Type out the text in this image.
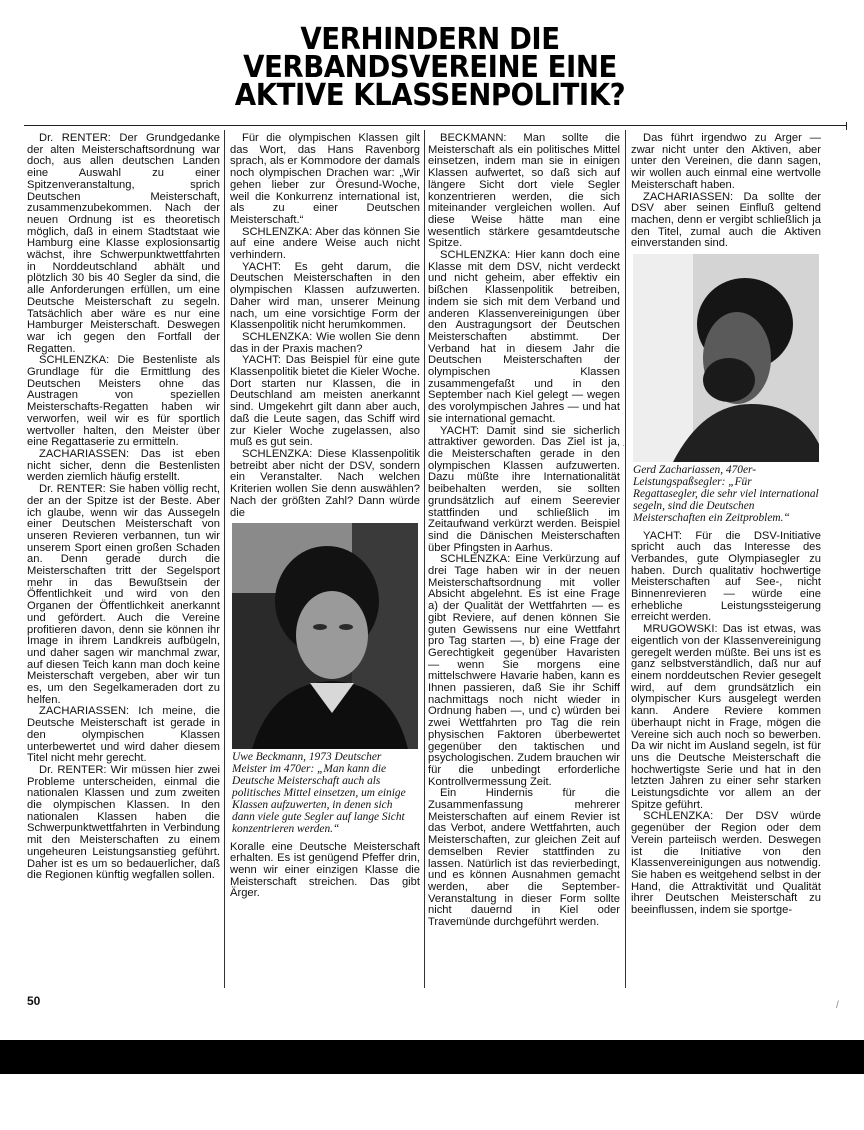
VERHINDERN DIE
VERBANDSVEREINE EINE
AKTIVE KLASSENPOLITIK?

Dr. RENTER: Der Grundgedanke der alten Meisterschaftsordnung war doch, aus allen deutschen Landen eine Auswahl zu einer Spitzenveranstaltung, sprich Deutschen Meisterschaft, zusammenzubekommen. Nach der neuen Ordnung ist es theoretisch möglich, daß in einem Stadtstaat wie Hamburg eine Klasse explosionsartig wächst, ihre Schwerpunktwettfahrten in Norddeutschland abhält und plötzlich 30 bis 40 Segler da sind, die alle Anforderungen erfüllen, um eine Deutsche Meisterschaft zu segeln. Tatsächlich aber wäre es nur eine Hamburger Meisterschaft. Deswegen war ich gegen den Fortfall der Regatten.

SCHLENZKA: Die Bestenliste als Grundlage für die Ermittlung des Deutschen Meisters ohne das Austragen von speziellen Meisterschafts-Regatten haben wir verworfen, weil wir es für sportlich wertvoller halten, den Meister über eine Regattaserie zu ermitteln.

ZACHARIASSEN: Das ist eben nicht sicher, denn die Bestenlisten werden ziemlich häufig erstellt.

Dr. RENTER: Sie haben völlig recht, der an der Spitze ist der Beste. Aber ich glaube, wenn wir das Aussegeln einer Deutschen Meisterschaft von unseren Revieren verbannen, tun wir unserem Sport einen großen Schaden an. Denn gerade durch die Meisterschaften tritt der Segelsport mehr in das Bewußtsein der Öffentlichkeit und wird von den Organen der Öffentlichkeit anerkannt und gefördert. Auch die Vereine profitieren davon, denn sie können ihr Image in ihrem Landkreis aufbügeln, und daher sagen wir manchmal zwar, auf diesen Teich kann man doch keine Meisterschaft vergeben, aber wir tun es, um den Segelkameraden dort zu helfen.

ZACHARIASSEN: Ich meine, die Deutsche Meisterschaft ist gerade in den olympischen Klassen unterbewertet und wird daher diesem Titel nicht mehr gerecht.

Dr. RENTER: Wir müssen hier zwei Probleme unterscheiden, einmal die nationalen Klassen und zum zweiten die olympischen Klassen. In den nationalen Klassen haben die Schwerpunktwettfahrten in Verbindung mit den Meisterschaften zu einem ungeheuren Leistungsanstieg geführt. Daher ist es um so bedauerlicher, daß die Regionen künftig wegfallen sollen.

Für die olympischen Klassen gilt das Wort, das Hans Ravenborg sprach, als er Kommodore der damals noch olympischen Drachen war: „Wir gehen lieber zur Öresund-Woche, weil die Konkurrenz international ist, als zu einer Deutschen Meisterschaft.“

SCHLENZKA: Aber das können Sie auf eine andere Weise auch nicht verhindern.

YACHT: Es geht darum, die Deutschen Meisterschaften in den olympischen Klassen aufzuwerten. Daher wird man, unserer Meinung nach, um eine vorsichtige Form der Klassenpolitik nicht herumkommen.

SCHLENZKA: Wie wollen Sie denn das in der Praxis machen?

YACHT: Das Beispiel für eine gute Klassenpolitik bietet die Kieler Woche. Dort starten nur Klassen, die in Deutschland am meisten anerkannt sind. Umgekehrt gilt dann aber auch, daß die Leute sagen, das Schiff wird zur Kieler Woche zugelassen, also muß es gut sein.

SCHLENZKA: Diese Klassenpolitik betreibt aber nicht der DSV, sondern ein Veranstalter. Nach welchen Kriterien wollen Sie denn auswählen? Nach der größten Zahl? Dann würde die

Uwe Beckmann, 1973 Deutscher Meister im 470er: „Man kann die Deutsche Meisterschaft auch als politisches Mittel einsetzen, um einige Klassen aufzuwerten, in denen sich dann viele gute Segler auf lange Sicht konzentrieren werden.“

Koralle eine Deutsche Meisterschaft erhalten. Es ist genügend Pfeffer drin, wenn wir einer einzigen Klasse die Meisterschaft streichen. Das gibt Ärger.

BECKMANN: Man sollte die Meisterschaft als ein politisches Mittel einsetzen, indem man sie in einigen Klassen aufwertet, so daß sich auf längere Sicht dort viele Segler konzentrieren werden, die sich miteinander vergleichen wollen. Auf diese Weise hätte man eine wesentlich stärkere gesamtdeutsche Spitze.

SCHLENZKA: Hier kann doch eine Klasse mit dem DSV, nicht verdeckt und nicht geheim, aber effektiv ein bißchen Klassenpolitik betreiben, indem sie sich mit dem Verband und anderen Klassenvereinigungen über den Austragungsort der Deutschen Meisterschaften abstimmt. Der Verband hat in diesem Jahr die Deutschen Meisterschaften der olympischen Klassen zusammengefaßt und in den September nach Kiel gelegt — wegen des vorolympischen Jahres — und hat sie international gemacht.

YACHT: Damit sind sie sicherlich attraktiver geworden. Das Ziel ist ja, die Meisterschaften gerade in den olympischen Klassen aufzuwerten. Dazu müßte ihre Internationalität beibehalten werden, sie sollten grundsätzlich auf einem Seerevier stattfinden und schließlich im Zeitaufwand verkürzt werden. Beispiel sind die Dänischen Meisterschaften über Pfingsten in Aarhus.

SCHLENZKA: Eine Verkürzung auf drei Tage haben wir in der neuen Meisterschaftsordnung mit voller Absicht abgelehnt. Es ist eine Frage a) der Qualität der Wettfahrten — es gibt Reviere, auf denen können Sie guten Gewissens nur eine Wettfahrt pro Tag starten —, b) eine Frage der Gerechtigkeit gegenüber Havaristen — wenn Sie morgens eine mittelschwere Havarie haben, kann es Ihnen passieren, daß Sie ihr Schiff nachmittags noch nicht wieder in Ordnung haben —, und c) würden bei zwei Wettfahrten pro Tag die rein physischen Faktoren überbewertet gegenüber den taktischen und psychologischen. Zudem brauchen wir für die unbedingt erforderliche Kontrollvermessung Zeit.

Ein Hindernis für die Zusammenfassung mehrerer Meisterschaften auf einem Revier ist das Verbot, andere Wettfahrten, auch Meisterschaften, zur gleichen Zeit auf demselben Revier stattfinden zu lassen. Natürlich ist das revierbedingt, und es können Ausnahmen gemacht werden, aber die September-Veranstaltung in dieser Form sollte nicht dauernd in Kiel oder Travemünde durchgeführt werden.

Das führt irgendwo zu Ärger — zwar nicht unter den Aktiven, aber unter den Vereinen, die dann sagen, wir wollen auch einmal eine wertvolle Meisterschaft haben.

ZACHARIASSEN: Da sollte der DSV aber seinen Einfluß geltend machen, denn er vergibt schließlich ja den Titel, zumal auch die Aktiven einverstanden sind.

Gerd Zachariassen, 470er-Leistungspaßsegler: „Für Regattasegler, die sehr viel international segeln, sind die Deutschen Meisterschaften ein Zeitproblem.“

YACHT: Für die DSV-Initiative spricht auch das Interesse des Verbandes, gute Olympiasegler zu haben. Durch qualitativ hochwertige Meisterschaften auf See-, nicht Binnenrevieren — würde eine erhebliche Leistungssteigerung erreicht werden.

MRUGOWSKI: Das ist etwas, was eigentlich von der Klassenvereinigung geregelt werden müßte. Bei uns ist es ganz selbstverständlich, daß nur auf einem norddeutschen Revier gesegelt wird, auf dem grundsätzlich ein olympischer Kurs ausgelegt werden kann. Andere Reviere kommen überhaupt nicht in Frage, mögen die Vereine sich auch noch so bewerben. Da wir nicht im Ausland segeln, ist für uns die Deutsche Meisterschaft die hochwertigste Serie und hat in den letzten Jahren zu einer sehr starken Leistungsdichte vor allem an der Spitze geführt.

SCHLENZKA: Der DSV würde gegenüber der Region oder dem Verein parteiisch werden. Deswegen ist die Initiative von den Klassenvereinigungen aus notwendig. Sie haben es weitgehend selbst in der Hand, die Attraktivität und Qualität ihrer Deutschen Meisterschaft zu beeinflussen, indem sie sportge-

50	/
·
